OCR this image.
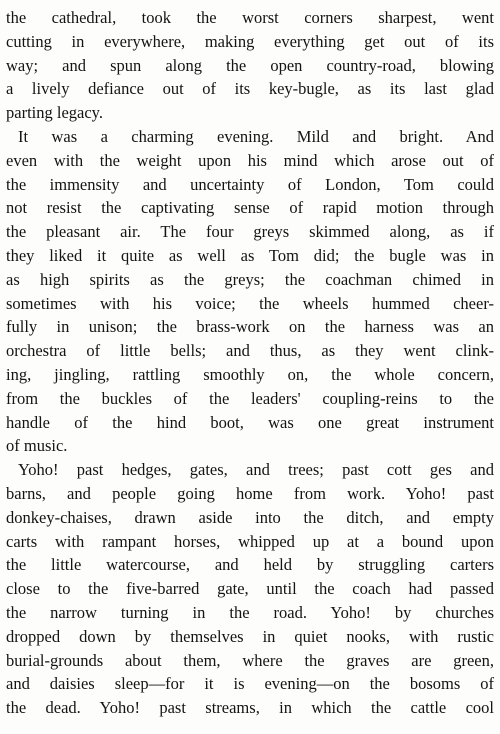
the cathedral, took the worst corners sharpest, went
cutting in everywhere, making everything get out of its
way; and spun along the open country-road, blowing
a lively defiance out of its key-bugle, as its last glad
parting legacy.
It was a charming evening. Mild and bright. And
even with the weight upon his mind which arose out of
the immensity and uncertainty of London, Tom could
not resist the captivating sense of rapid motion through
the pleasant air. The four greys skimmed along, as if
they liked it quite as well as Tom did; the bugle was in
as high spirits as the greys; the coachman chimed in
sometimes with his voice; the wheels hummed cheer-
fully in unison; the brass-work on the harness was an
orchestra of little bells; and thus, as they went clink-
ing, jingling, rattling smoothly on, the whole concern,
from the buckles of the leaders' coupling-reins to the
handle of the hind boot, was one great instrument
of music.
Yoho! past hedges, gates, and trees; past cott ges and
barns, and people going home from work. Yoho! past
donkey-chaises, drawn aside into the ditch, and empty
carts with rampant horses, whipped up at a bound upon
the little watercourse, and held by struggling carters
close to the five-barred gate, until the coach had passed
the narrow turning in the road. Yoho! by churches
dropped down by themselves in quiet nooks, with rustic
burial-grounds about them, where the graves are green,
and daisies sleep—for it is evening—on the bosoms of
the dead. Yoho! past streams, in which the cattle cool
